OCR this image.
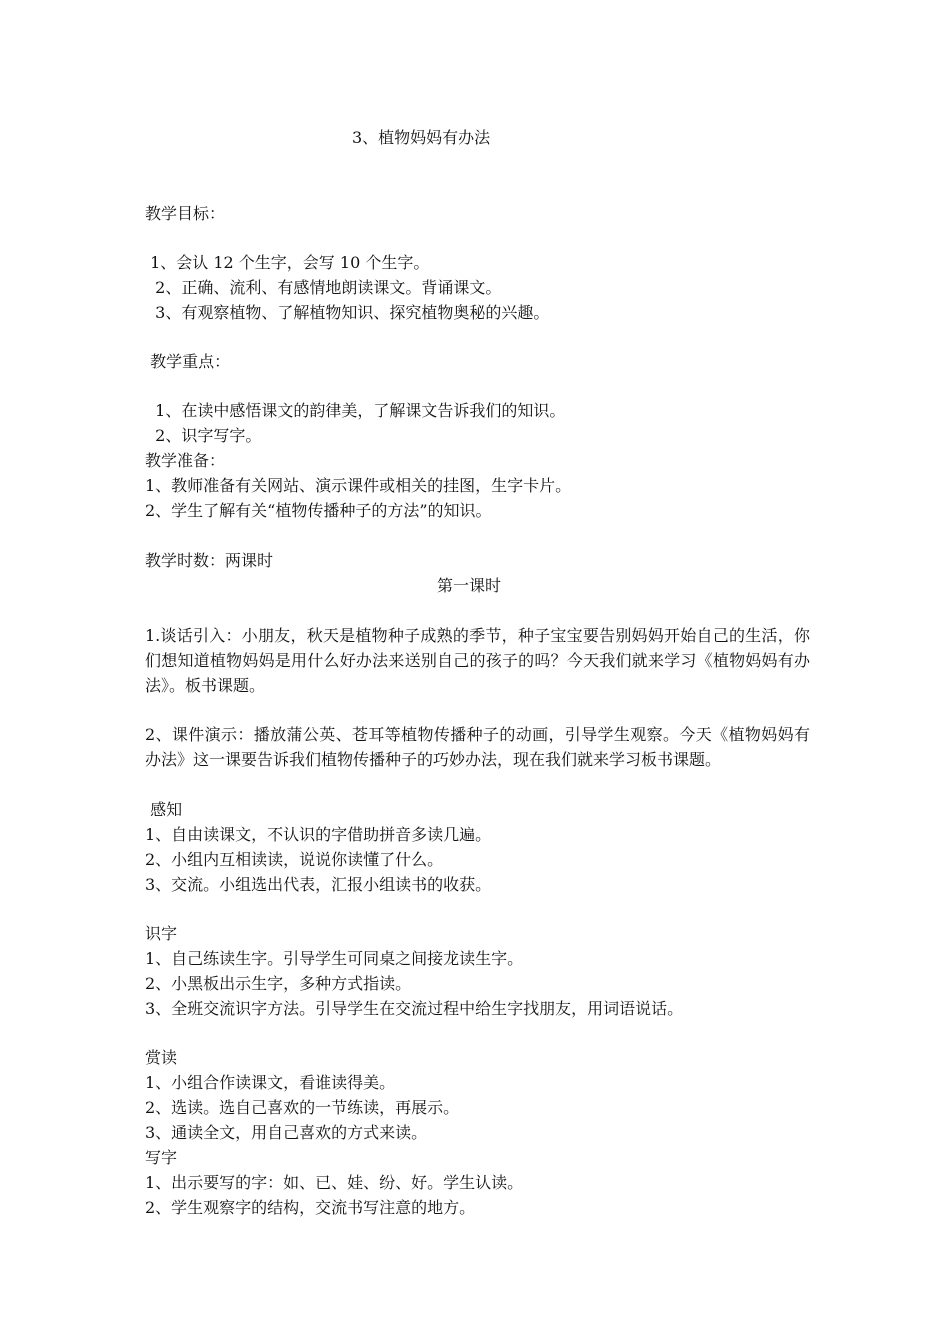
3、植物妈妈有办法
教学目标：
1、会认 12 个生字，会写 10 个生字。
2、正确、流利、有感情地朗读课文。背诵课文。
3、有观察植物、了解植物知识、探究植物奥秘的兴趣。
教学重点：
1、在读中感悟课文的韵律美，了解课文告诉我们的知识。
2、识字写字。
教学准备：
1、教师准备有关网站、演示课件或相关的挂图，生字卡片。
2、学生了解有关“植物传播种子的方法”的知识。
教学时数：两课时
第一课时
1.谈话引入：小朋友，秋天是植物种子成熟的季节，种子宝宝要告别妈妈开始自己的生活，你们想知道植物妈妈是用什么好办法来送别自己的孩子的吗？今天我们就来学习《植物妈妈有办法》。板书课题。
2、课件演示：播放蒲公英、苍耳等植物传播种子的动画，引导学生观察。今天《植物妈妈有办法》这一课要告诉我们植物传播种子的巧妙办法，现在我们就来学习板书课题。
感知
1、自由读课文，不认识的字借助拼音多读几遍。
2、小组内互相读读，说说你读懂了什么。
3、交流。小组选出代表，汇报小组读书的收获。
识字
1、自己练读生字。引导学生可同桌之间接龙读生字。
2、小黑板出示生字，多种方式指读。
3、全班交流识字方法。引导学生在交流过程中给生字找朋友，用词语说话。
赏读
1、小组合作读课文，看谁读得美。
2、选读。选自己喜欢的一节练读，再展示。
3、通读全文，用自己喜欢的方式来读。
写字
1、出示要写的字：如、已、娃、纷、好。学生认读。
2、学生观察字的结构，交流书写注意的地方。
